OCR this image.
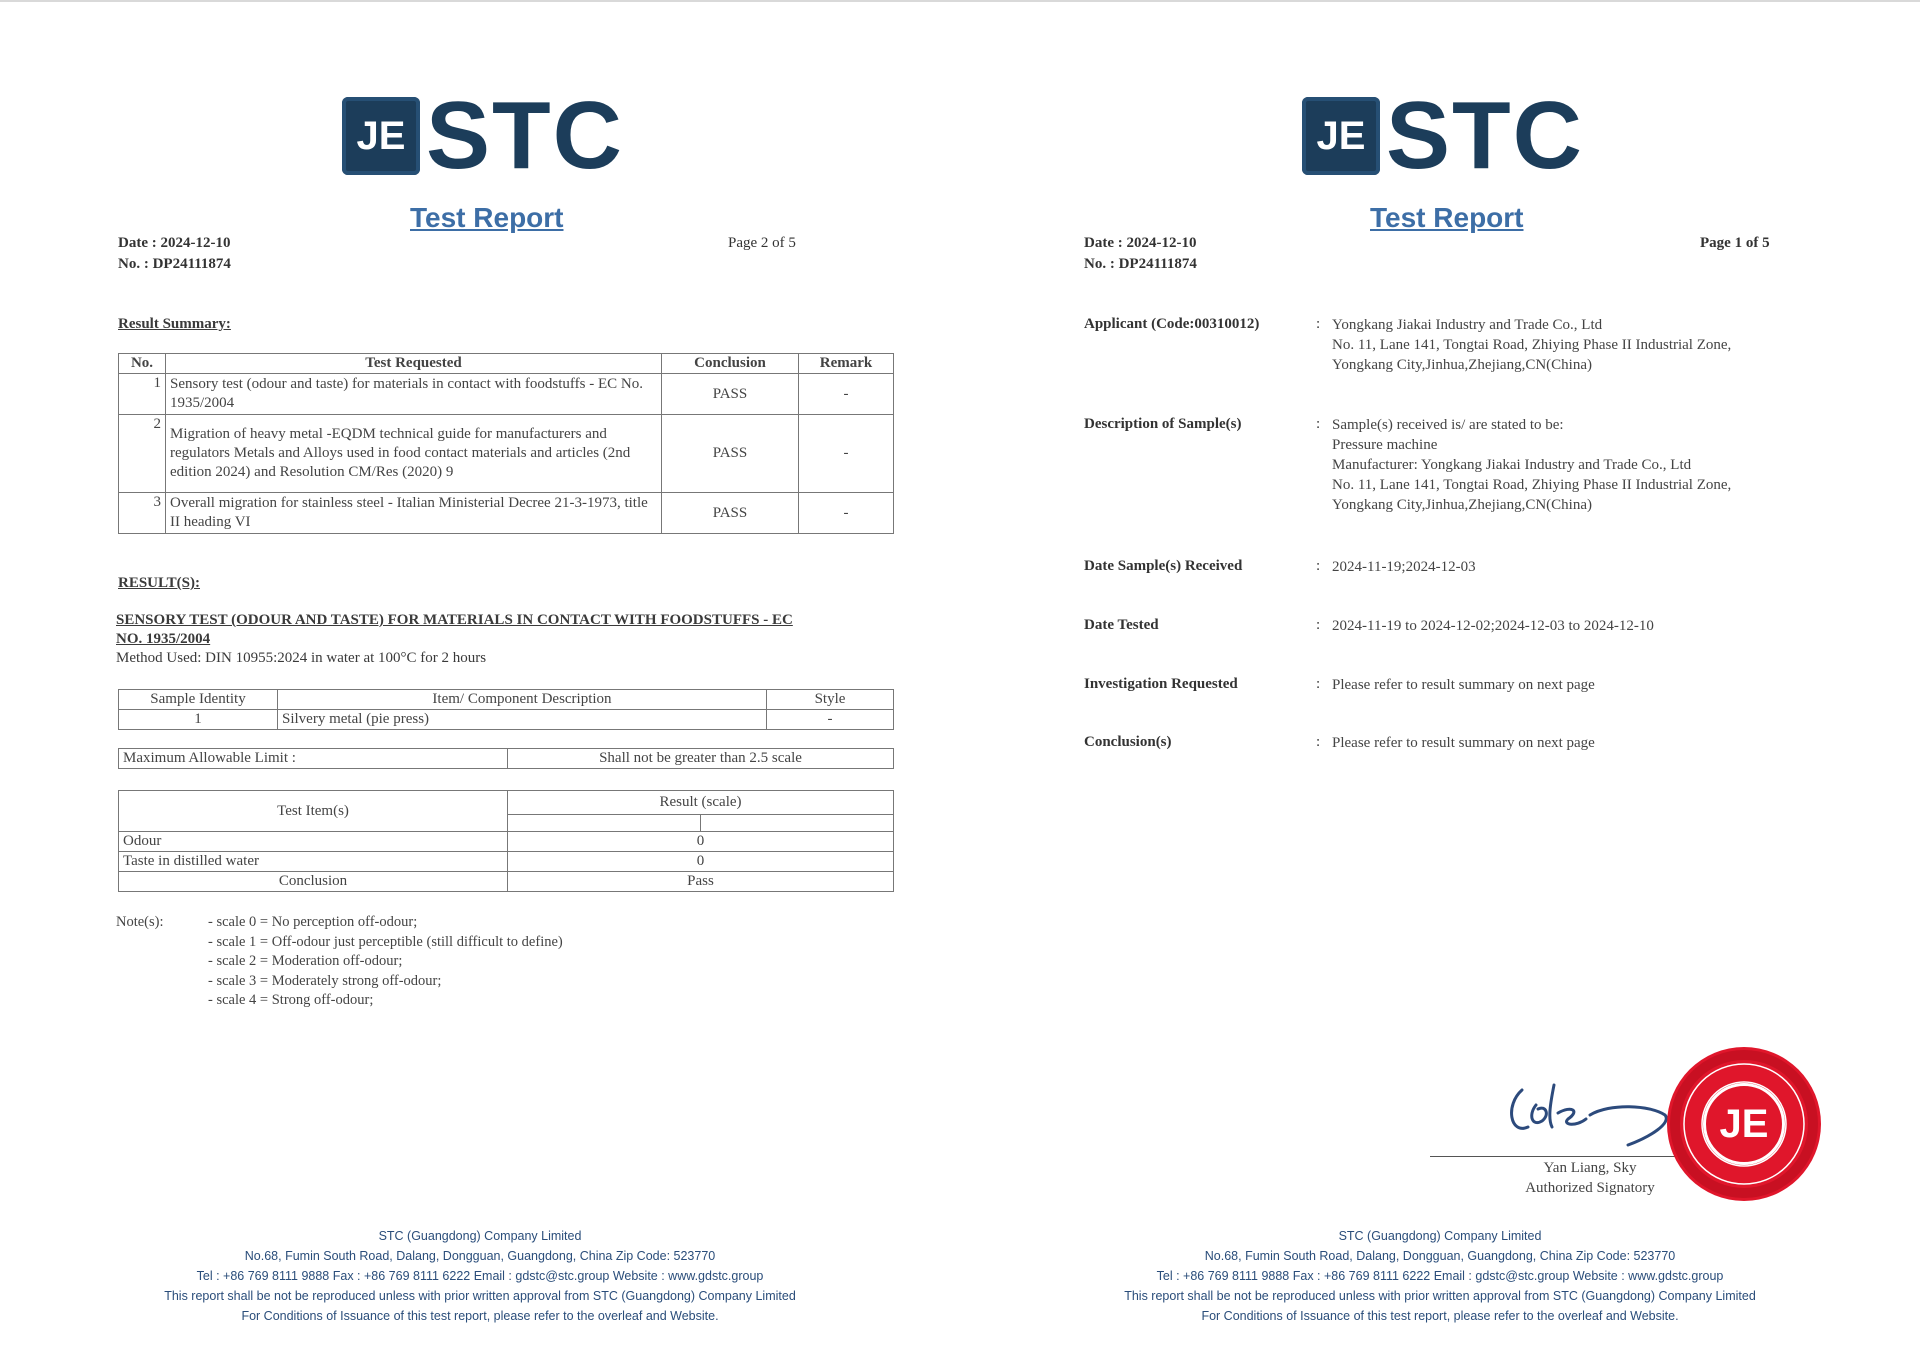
JE STC
Test Report
Date : 2024-12-10
No. : DP24111874
Page 2 of 5
Result Summary:
No.	Test Requested	Conclusion	Remark
1	Sensory test (odour and taste) for materials in contact with foodstuffs - EC No. 1935/2004	PASS	-
2	Migration of heavy metal -EQDM technical guide for manufacturers and regulators Metals and Alloys used in food contact materials and articles (2nd edition 2024) and Resolution CM/Res (2020) 9	PASS	-
3	Overall migration for stainless steel - Italian Ministerial Decree 21-3-1973, title II heading VI	PASS	-
RESULT(S):
SENSORY TEST (ODOUR AND TASTE) FOR MATERIALS IN CONTACT WITH FOODSTUFFS - EC NO. 1935/2004
Method Used: DIN 10955:2024 in water at 100°C for 2 hours
Sample Identity	Item/ Component Description	Style
1	Silvery metal (pie press)	-
Maximum Allowable Limit :	Shall not be greater than 2.5 scale
Test Item(s)	Result (scale)	

Odour	0	
Taste in distilled water	0	
Conclusion	Pass	
Note(s):	- scale 0 = No perception off-odour;
- scale 1 = Off-odour just perceptible (still difficult to define)
- scale 2 = Moderation off-odour;
- scale 3 = Moderately strong off-odour;
- scale 4 = Strong off-odour;
STC (Guangdong) Company Limited
No.68, Fumin South Road, Dalang, Dongguan, Guangdong, China Zip Code: 523770
Tel : +86 769 8111 9888 Fax : +86 769 8111 6222 Email : gdstc@stc.group Website : www.gdstc.group
This report shall be not be reproduced unless with prior written approval from STC (Guangdong) Company Limited
For Conditions of Issuance of this test report, please refer to the overleaf and Website.
JE STC
Test Report
Date : 2024-12-10
No. : DP24111874
Page 1 of 5
Applicant (Code:00310012)	: Yongkang Jiakai Industry and Trade Co., Ltd
No. 11, Lane 141, Tongtai Road, Zhiying Phase II Industrial Zone,
Yongkang City,Jinhua,Zhejiang,CN(China)
Description of Sample(s)	: Sample(s) received is/ are stated to be:
Pressure machine
Manufacturer: Yongkang Jiakai Industry and Trade Co., Ltd
No. 11, Lane 141, Tongtai Road, Zhiying Phase II Industrial Zone,
Yongkang City,Jinhua,Zhejiang,CN(China)
Date Sample(s) Received	: 2024-11-19;2024-12-03
Date Tested	: 2024-11-19 to 2024-12-02;2024-12-03 to 2024-12-10
Investigation Requested	: Please refer to result summary on next page
Conclusion(s)	: Please refer to result summary on next page
Yan Liang, Sky
Authorized Signatory
JE
STC (Guangdong) Company Limited
No.68, Fumin South Road, Dalang, Dongguan, Guangdong, China Zip Code: 523770
Tel : +86 769 8111 9888 Fax : +86 769 8111 6222 Email : gdstc@stc.group Website : www.gdstc.group
This report shall be not be reproduced unless with prior written approval from STC (Guangdong) Company Limited
For Conditions of Issuance of this test report, please refer to the overleaf and Website.
